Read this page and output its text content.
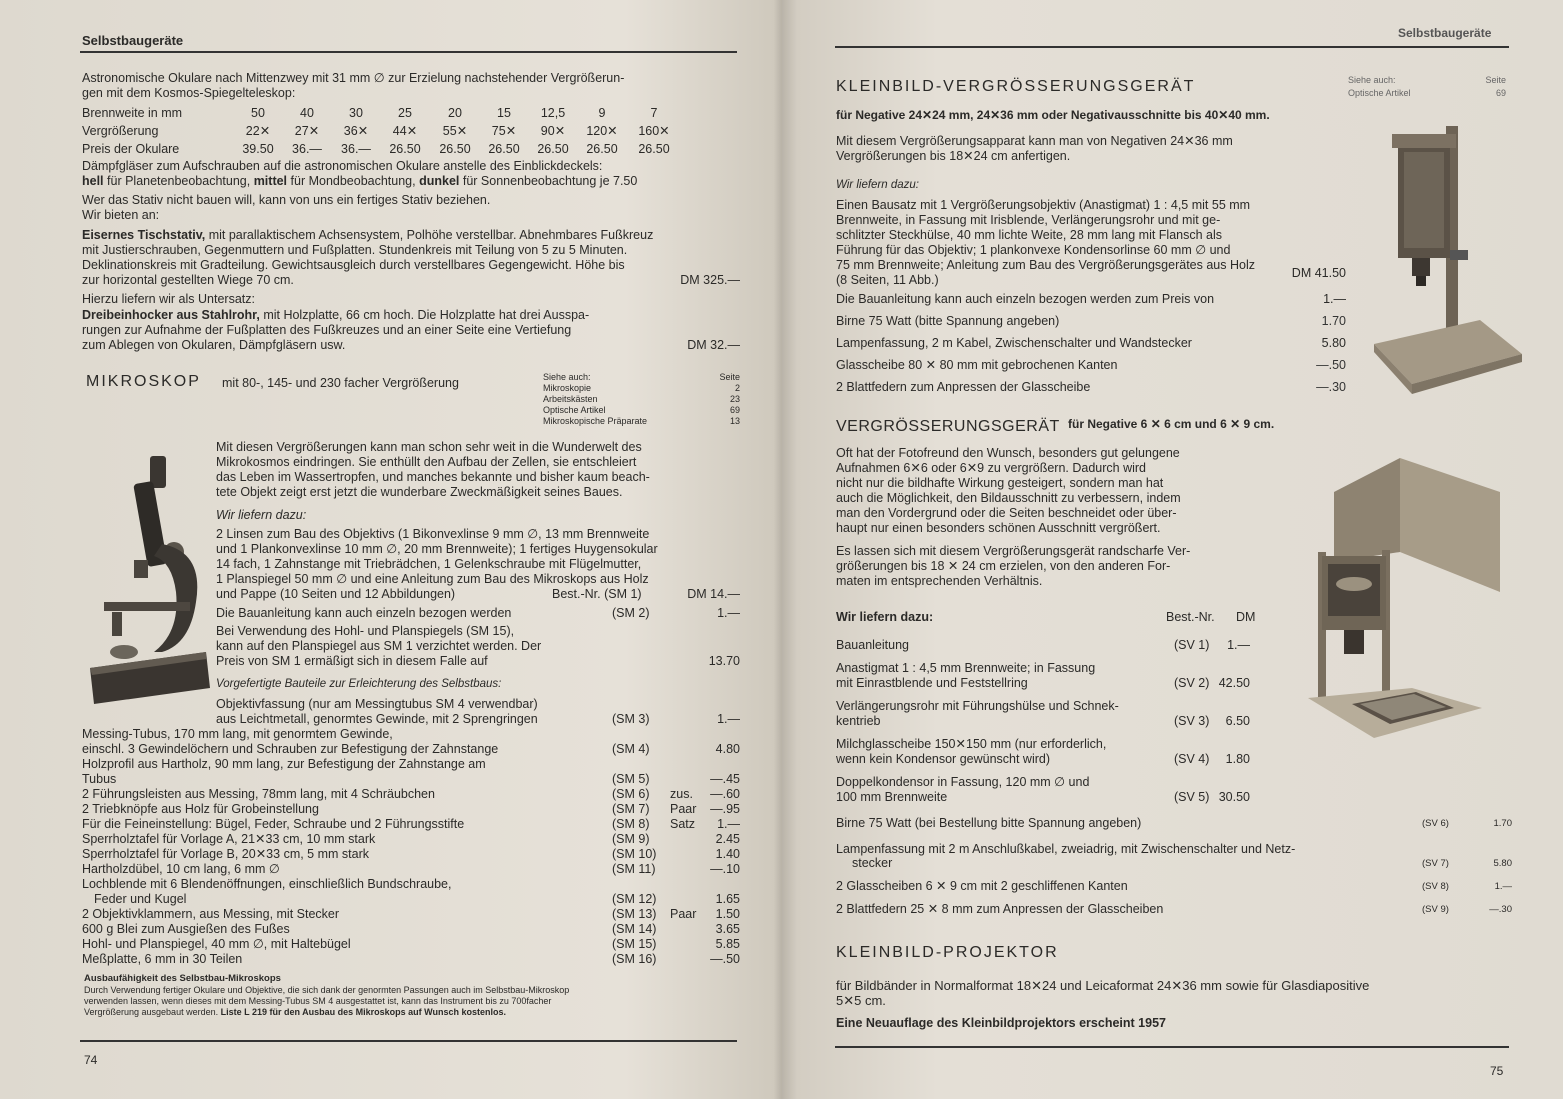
Selbstbaugeräte
Astronomische Okulare nach Mittenzwey mit 31 mm ∅ zur Erzielung nachstehender Vergrößerun-
gen mit dem Kosmos-Spiegelteleskop:
Brennweite in mm	50	40	30	25	20	15	12,5	9	7
Vergrößerung	22✕	27✕	36✕	44✕	55✕	75✕	90✕	120✕	160✕
Preis der Okulare	39.50	36.—	36.—	26.50	26.50	26.50	26.50	26.50	26.50
Dämpfgläser zum Aufschrauben auf die astronomischen Okulare anstelle des Einblickdeckels:
hell für Planetenbeobachtung, mittel für Mondbeobachtung, dunkel für Sonnenbeobachtung je 7.50
Wer das Stativ nicht bauen will, kann von uns ein fertiges Stativ beziehen.
Wir bieten an:
Eisernes Tischstativ, mit parallaktischem Achsensystem, Polhöhe verstellbar. Abnehmbares Fußkreuz
mit Justierschrauben, Gegenmuttern und Fußplatten. Stundenkreis mit Teilung von 5 zu 5 Minuten.
Deklinationskreis mit Gradteilung. Gewichtsausgleich durch verstellbares Gegengewicht. Höhe bis
zur horizontal gestellten Wiege 70 cm.	DM 325.—
Hierzu liefern wir als Untersatz:
Dreibeinhocker aus Stahlrohr, mit Holzplatte, 66 cm hoch. Die Holzplatte hat drei Ausspa-
rungen zur Aufnahme der Fußplatten des Fußkreuzes und an einer Seite eine Vertiefung
zum Ablegen von Okularen, Dämpfgläsern usw.	DM 32.—
MIKROSKOP mit 80-, 145- und 230 facher Vergrößerung	Siehe auch:	Seite
Mikroskopie	2
Arbeitskästen	23
Optische Artikel	69
Mikroskopische Präparate	13
Mit diesen Vergrößerungen kann man schon sehr weit in die Wunderwelt des
Mikrokosmos eindringen. Sie enthüllt den Aufbau der Zellen, sie entschleiert
das Leben im Wassertropfen, und manches bekannte und bisher kaum beach-
tete Objekt zeigt erst jetzt die wunderbare Zweckmäßigkeit seines Baues.
Wir liefern dazu:
2 Linsen zum Bau des Objektivs (1 Bikonvexlinse 9 mm ∅, 13 mm Brennweite
und 1 Plankonvexlinse 10 mm ∅, 20 mm Brennweite); 1 fertiges Huygensokular
14 fach, 1 Zahnstange mit Triebrädchen, 1 Gelenkschraube mit Flügelmutter,
1 Planspiegel 50 mm ∅ und eine Anleitung zum Bau des Mikroskops aus Holz
und Pappe (10 Seiten und 12 Abbildungen)	Best.-Nr. (SM 1)	DM 14.—
Die Bauanleitung kann auch einzeln bezogen werden	(SM 2)	1.—
Bei Verwendung des Hohl- und Planspiegels (SM 15),
kann auf den Planspiegel aus SM 1 verzichtet werden. Der
Preis von SM 1 ermäßigt sich in diesem Falle auf	13.70
Vorgefertigte Bauteile zur Erleichterung des Selbstbaus:
Objektivfassung (nur am Messingtubus SM 4 verwendbar)
aus Leichtmetall, genormtes Gewinde, mit 2 Sprengringen	(SM 3)	1.—
Messing-Tubus, 170 mm lang, mit genormtem Gewinde,
einschl. 3 Gewindelöchern und Schrauben zur Befestigung der Zahnstange	(SM 4)	4.80
Holzprofil aus Hartholz, 90 mm lang, zur Befestigung der Zahnstange am
Tubus	(SM 5)	—.45
2 Führungsleisten aus Messing, 78mm lang, mit 4 Schräubchen	(SM 6) zus.	—.60
2 Triebknöpfe aus Holz für Grobeinstellung	(SM 7) Paar	—.95
Für die Feineinstellung: Bügel, Feder, Schraube und 2 Führungsstifte	(SM 8) Satz	1.—
Sperrholztafel für Vorlage A, 21✕33 cm, 10 mm stark	(SM 9)	2.45
Sperrholztafel für Vorlage B, 20✕33 cm, 5 mm stark	(SM 10)	1.40
Hartholzdübel, 10 cm lang, 6 mm ∅	(SM 11)	—.10
Lochblende mit 6 Blendenöffnungen, einschließlich Bundschraube,
Feder und Kugel	(SM 12)	1.65
2 Objektivklammern, aus Messing, mit Stecker	(SM 13) Paar	1.50
600 g Blei zum Ausgießen des Fußes	(SM 14)	3.65
Hohl- und Planspiegel, 40 mm ∅, mit Haltebügel	(SM 15)	5.85
Meßplatte, 6 mm in 30 Teilen	(SM 16)	—.50
Ausbaufähigkeit des Selbstbau-Mikroskops
Durch Verwendung fertiger Okulare und Objektive, die sich dank der genormten Passungen auch im Selbstbau-Mikroskop
verwenden lassen, wenn dieses mit dem Messing-Tubus SM 4 ausgestattet ist, kann das Instrument bis zu 700facher
Vergrößerung ausgebaut werden. Liste L 219 für den Ausbau des Mikroskops auf Wunsch kostenlos.
74
Selbstbaugeräte
KLEINBILD-VERGRÖSSERUNGSGERÄT	Siehe auch:	Seite
Optische Artikel	69
für Negative 24✕24 mm, 24✕36 mm oder Negativausschnitte bis 40✕40 mm.
Mit diesem Vergrößerungsapparat kann man von Negativen 24✕36 mm
Vergrößerungen bis 18✕24 cm anfertigen.
Wir liefern dazu:
Einen Bausatz mit 1 Vergrößerungsobjektiv (Anastigmat) 1 : 4,5 mit 55 mm
Brennweite, in Fassung mit Irisblende, Verlängerungsrohr und mit ge-
schlitzter Steckhülse, 40 mm lichte Weite, 28 mm lang mit Flansch als
Führung für das Objektiv; 1 plankonvexe Kondensorlinse 60 mm ∅ und
75 mm Brennweite; Anleitung zum Bau des Vergrößerungsgerätes aus Holz
(8 Seiten, 11 Abb.)	DM 41.50
Die Bauanleitung kann auch einzeln bezogen werden zum Preis von	1.—
Birne 75 Watt (bitte Spannung angeben)	1.70
Lampenfassung, 2 m Kabel, Zwischenschalter und Wandstecker	5.80
Glasscheibe 80 ✕ 80 mm mit gebrochenen Kanten	—.50
2 Blattfedern zum Anpressen der Glasscheibe	—.30
VERGRÖSSERUNGSGERÄT für Negative 6 ✕ 6 cm und 6 ✕ 9 cm.
Oft hat der Fotofreund den Wunsch, besonders gut gelungene
Aufnahmen 6✕6 oder 6✕9 zu vergrößern. Dadurch wird
nicht nur die bildhafte Wirkung gesteigert, sondern man hat
auch die Möglichkeit, den Bildausschnitt zu verbessern, indem
man den Vordergrund oder die Seiten beschneidet oder über-
haupt nur einen besonders schönen Ausschnitt vergrößert.
Es lassen sich mit diesem Vergrößerungsgerät randscharfe Ver-
größerungen bis 18 ✕ 24 cm erzielen, von den anderen For-
maten im entsprechenden Verhältnis.
Wir liefern dazu:	Best.-Nr. DM
Bauanleitung	(SV 1)	1.—
Anastigmat 1 : 4,5 mm Brennweite; in Fassung
mit Einrastblende und Feststellring	(SV 2) 42.50
Verlängerungsrohr mit Führungshülse und Schnek-
kentrieb	(SV 3)	6.50
Milchglasscheibe 150✕150 mm (nur erforderlich,
wenn kein Kondensor gewünscht wird)	(SV 4)	1.80
Doppelkondensor in Fassung, 120 mm ∅ und
100 mm Brennweite	(SV 5) 30.50
Birne 75 Watt (bei Bestellung bitte Spannung angeben)	(SV 6)	1.70
Lampenfassung mit 2 m Anschlußkabel, zweiadrig, mit Zwischenschalter und Netz-
stecker	(SV 7)	5.80
2 Glasscheiben 6 ✕ 9 cm mit 2 geschliffenen Kanten	(SV 8)	1.—
2 Blattfedern 25 ✕ 8 mm zum Anpressen der Glasscheiben	(SV 9)	—.30
KLEINBILD-PROJEKTOR
für Bildbänder in Normalformat 18✕24 und Leicaformat 24✕36 mm sowie für Glasdiapositive
5✕5 cm.
Eine Neuauflage des Kleinbildprojektors erscheint 1957
75
